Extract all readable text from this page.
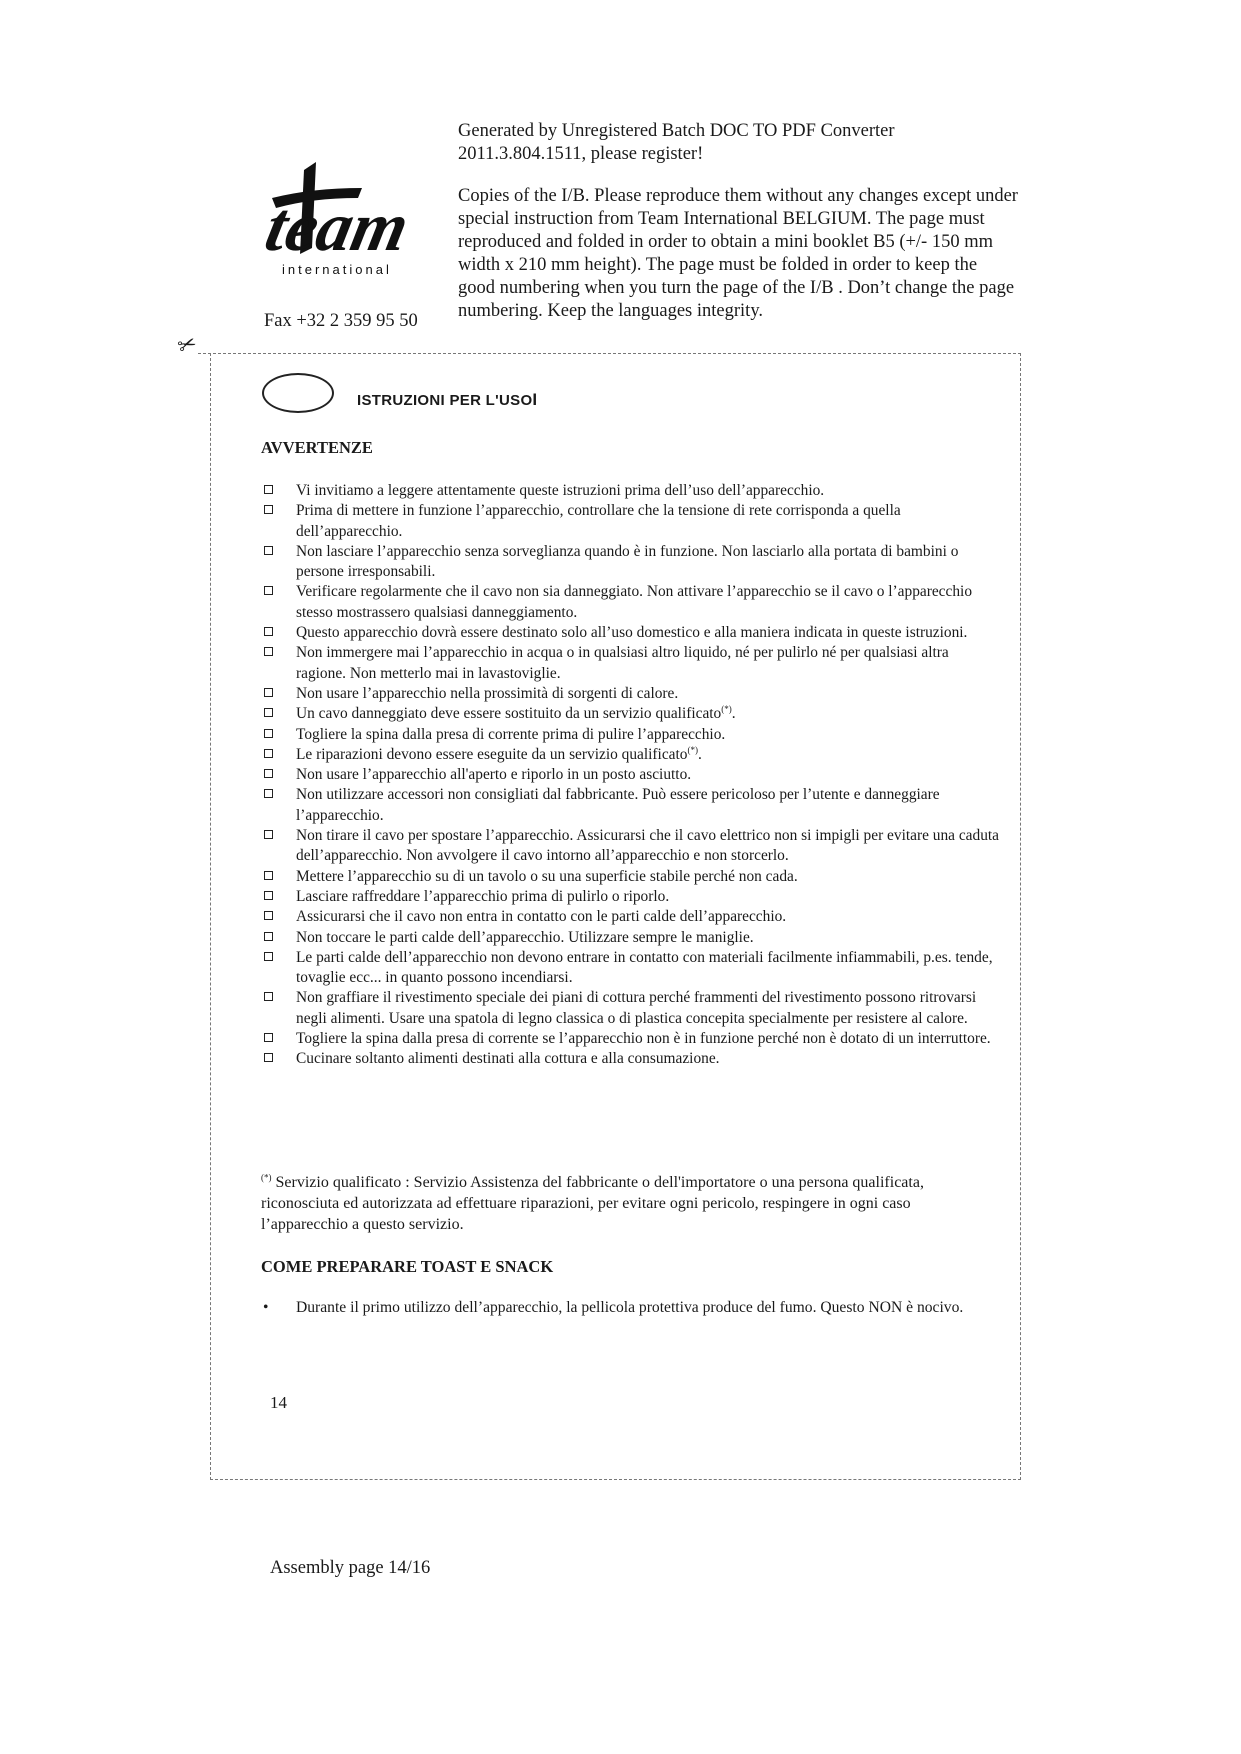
Generated by Unregistered Batch DOC TO PDF Converter 2011.3.804.1511, please register!

Copies of the I/B. Please reproduce them without any changes except under special instruction from Team International BELGIUM. The page must reproduced and folded in order to obtain a mini booklet B5 (+/- 150 mm width x 210 mm height). The page must be folded in order to keep the good numbering when you turn the page of the I/B . Don’t change the page numbering. Keep the languages integrity.

team
international
Fax +32 2 359 95 50
✂
ISTRUZIONI PER L'USOI
AVVERTENZE
Vi invitiamo a leggere attentamente queste istruzioni prima dell’uso dell’apparecchio.
Prima di mettere in funzione l’apparecchio, controllare che la tensione di rete corrisponda a quella dell’apparecchio.
Non lasciare l’apparecchio senza sorveglianza quando è in funzione. Non lasciarlo alla portata di bambini o persone irresponsabili.
Verificare regolarmente che il cavo non sia danneggiato. Non attivare l’apparecchio se il cavo o l’apparecchio stesso mostrassero qualsiasi danneggiamento.
Questo apparecchio dovrà essere destinato solo all’uso domestico e alla maniera indicata in queste istruzioni.
Non immergere mai l’apparecchio in acqua o in qualsiasi altro liquido, né per pulirlo né per qualsiasi altra ragione. Non metterlo mai in lavastoviglie.
Non usare l’apparecchio nella prossimità di sorgenti di calore.
Un cavo danneggiato deve essere sostituito da un servizio qualificato(*).
Togliere la spina dalla presa di corrente prima di pulire l’apparecchio.
Le riparazioni devono essere eseguite da un servizio qualificato(*).
Non usare l’apparecchio all'aperto e riporlo in un posto asciutto.
Non utilizzare accessori non consigliati dal fabbricante. Può essere pericoloso per l’utente e danneggiare l’apparecchio.
Non tirare il cavo per spostare l’apparecchio. Assicurarsi che il cavo elettrico non si impigli per evitare una caduta dell’apparecchio. Non avvolgere il cavo intorno all’apparecchio e non storcerlo.
Mettere l’apparecchio su di un tavolo o su una superficie stabile perché non cada.
Lasciare raffreddare l’apparecchio prima di pulirlo o riporlo.
Assicurarsi che il cavo non entra in contatto con le parti calde dell’apparecchio.
Non toccare le parti calde dell’apparecchio. Utilizzare sempre le maniglie.
Le parti calde dell’apparecchio non devono entrare in contatto con materiali facilmente infiammabili, p.es. tende, tovaglie ecc... in quanto possono incendiarsi.
Non graffiare il rivestimento speciale dei piani di cottura perché frammenti del rivestimento possono ritrovarsi negli alimenti. Usare una spatola di legno classica o di plastica concepita specialmente per resistere al calore.
Togliere la spina dalla presa di corrente se l’apparecchio non è in funzione perché non è dotato di un interruttore.
Cucinare soltanto alimenti destinati alla cottura e alla consumazione.

(*) Servizio qualificato : Servizio Assistenza del fabbricante o dell'importatore o una persona qualificata, riconosciuta ed autorizzata ad effettuare riparazioni, per evitare ogni pericolo, respingere in ogni caso l’apparecchio a questo servizio.

COME PREPARARE TOAST E SNACK
• Durante il primo utilizzo dell’apparecchio, la pellicola protettiva produce del fumo. Questo NON è nocivo.
14
Assembly page 14/16
